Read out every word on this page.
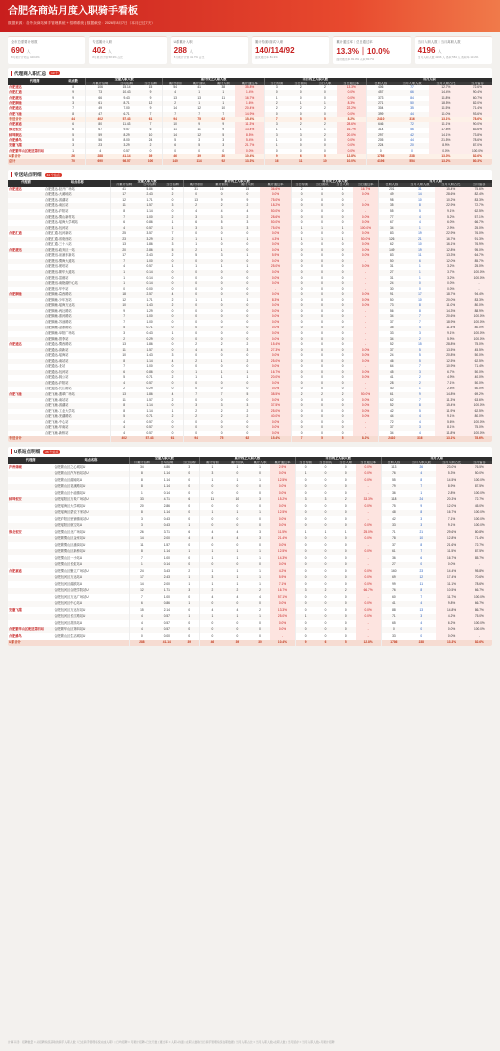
合肥各商站月度入职骑手看板
数据来源：各外卖商站骑手管理系统 + 招聘系统 | 数据截至：2026年8月7日（本月已过7天）
全市总需要计划数
690 人
8月累计计划占 100.0%
专送累计入职
402 人
8月累计计划 58.3% 占比
U系累计入职
288 人
8月累计计划 41.7% 占比
累计待面/面试/入职
140/114/92
面试通过率 81.3%
累计通过率｜总日通过率
13.3%｜10.0%
面试通过率 81.3% 入职 80.7%
当月入职人数｜当月离职人数
4196 人
当月入职人数 4196 人 离职 554 人 离职率 13.2%
代理商入职汇总	13 个
代理商	站点数	全量入职人数			累计线上入职人数				当日线上入职人数				当月入职			
		月累计招聘	日均招聘	当日招聘	累计待面	累计面试	累计入职	累计通过率	当日待面	当日面试	当日入职	当日通过率	在职人数	当月入职人数	当月入职占比	当月留存
合肥速达	8	106	15.14	15	54	41	38	35.8%	3	2	2	13.3%	406	77	12.7%	72.6%
合肥汇通	9	73	10.43	9	4	1	1	1.4%	0	0	0	0.0%	457	66	14.4%	90.4%
合肥捷迅	9	66	9.43	9	13	13	11	16.7%	1	0	0	0.0%	373	84	11.8%	60.7%
合肥顺驰	3	61	8.71	12	2	1	1	1.6%	2	1	1	8.3%	271	50	18.5%	82.0%
合肥通达	7	49	7.00	9	14	12	10	20.4%	2	2	2	22.2%	304	35	11.5%	71.4%
合肥飞驰	8	47	6.71	7	7	7	7	14.9%	0	0	0	0.0%	399	44	11.0%	93.6%
专送合计	44	402	57.43	61	94	75	62	15.4%	7	5	5	8.2%	2410	316	13.1%	78.6%
合肥嘉途	6	80	11.43	7	10	9	9	11.3%	3	2	2	28.6%	646	72	11.1%	90.0%
淮北恒安	6	67	9.57	6	11	11	9	13.4%	1	1	1	16.7%	314	56	17.8%	83.6%
蚌埠顺达	5	59	8.29	10	14	12	5	8.5%	3	3	2	20.0%	297	42	14.1%	73.8%
合肥蜂鸟	5	56	8.00	24	5	3	3	5.4%	1	0	0	0.0%	205	44	21.5%	78.6%
安徽飞越	3	23	3.29	2	6	5	3	21.7%	1	0	0	0.0%	224	20	8.9%	87.0%
合肥繁华山区配送第四站	1	4	0.57	0	0	0	0	0.0%	0	0	0	0.0%	0	0	0.0%	100.0%
U系合计	26	288	41.14	39	46	39	30	10.4%	9	6	5	12.8%	1786	238	13.3%	82.6%
总计	70	690	98.57	100	140	114	92	13.3%	16	11	10	10.0%	4196	554	13.2%	80.3%
专送站点明细	44 个站点
代理商	站点名称	全量入职人数			累计线上入职人数				当日线上入职人数				当月入职			
		月累计招聘	日均招聘	当日招聘	累计待面	累计面试	累计入职	累计通过率	当日待面	当日面试	当日入职	当日通过率	在职人数	当月入职人数	当月入职占比	当月留存
合肥速达	合肥建达-经开广场站	41	5.86	6	31	16	15	36.6%	2	1	1	16.7%	201	31	15.4%	75.6%
	合肥建达-大溪地站	17	2.43	2	0	0	0	0.0%	0	0	0	0.0%	49	14	28.6%	82.4%
	合肥建达-滨湖站	12	1.71	0	13	9	9	75.0%	0	0	0	-	98	10	10.2%	83.3%
	合肥建达-南区站	11	1.57	3	2	2	2	18.2%	0	0	0	0.0%	35	8	22.9%	72.7%
	合肥建达-庐阳站	8	1.14	0	4	4	4	50.0%	0	0	0	-	55	5	9.1%	62.5%
	合肥建达-蜀山新村站	7	1.00	2	3	3	2	28.6%	0	0	0	0.0%	77	4	5.2%	57.1%
	合肥建达-瑶海大学城站	6	0.86	1	6	5	3	50.0%	0	0	0	0.0%	67	4	6.0%	66.7%
	合肥建达-包河站	4	0.57	1	3	3	3	75.0%	1	1	1	100.0%	34	1	2.9%	25.0%
合肥汇通	合肥汇通-包河新站	25	3.57	7	0	0	0	0.0%	0	0	0	0.0%	83	19	22.9%	76.0%
	合肥汇通-省府西站	23	3.29	2	1	1	1	4.3%	1	1	1	50.0%	126	21	16.7%	91.3%
	合肥汇通-三十八站	13	1.86	3	1	0	0	0.0%	0	0	0	0.0%	62	10	16.1%	76.9%
合肥捷迅	合肥捷迅-政务区一站	20	2.86	5	2	1	0	0.0%	0	0	0	0.0%	149	19	12.8%	95.0%
	合肥捷迅-泉浦东新站	17	2.43	2	5	3	1	5.9%	0	0	0	0.0%	83	11	13.3%	64.7%
	合肥捷迅-蜀海大道站	7	1.00	0	0	0	0	0.0%	0	0	0	-	50	6	12.0%	85.7%
	合肥捷迅-琥珀站	4	0.57	1	1	1	1	25.0%	0	0	0	0.0%	31	1	3.2%	25.0%
	合肥捷迅-繁华大道站	1	0.14	0	0	0	0	0.0%	0	0	0	-	27	1	3.7%	100.0%
	合肥捷迅-富港站	1	0.14	0	0	0	0	0.0%	0	0	0	-	31	1	3.2%	100.0%
	合肥捷迅-南艳湖中心站	1	0.14	0	0	0	0	0.0%	0	0	0	-	24	0	0.0%	-
	合肥捷迅-华中站	0	0.00	0	0	0	0	-	0	0	0	-	30	0	0.0%	-
合肥顺驰	合肥顺驰-葛西路站	18	2.57	4	0	0	0	0.0%	0	0	0	0.0%	91	17	18.7%	94.4%
	合肥顺驰-少年宫站	12	1.71	2	1	1	1	8.3%	0	0	0	0.0%	50	10	20.0%	83.3%
	合肥顺驰-瑶海万达站	10	1.43	2	0	0	0	0.0%	0	0	0	0.0%	73	8	11.0%	80.0%
	合肥顺驰-两社路站	9	1.29	0	0	0	0	0.0%	0	0	0	-	56	8	14.3%	88.9%
	合肥顺驰-淮河路站	7	1.00	0	0	0	0	0.0%	0	0	0	-	34	7	20.6%	100.0%
	合肥顺驰-苏油路站	7	1.00	0	0	0	0	0.0%	0	0	0	-	37	7	18.9%	100.0%
	合肥顺驰-金寨路站	5	0.71	0	0	0	0	0.0%	0	0	0	-	35	4	11.4%	80.0%
	合肥顺驰-阜阳广场站	3	0.43	1	0	0	0	0.0%	0	0	0	-	33	3	9.1%	100.0%
	合肥顺驰-曾李站	2	0.29	0	0	0	0	0.0%	0	0	0	-	34	2	5.9%	100.0%
合肥通达	合肥通达-蜀西路站	13	1.86	0	2	2	2	15.4%	0	0	0	-	52	15	28.8%	75.0%
	合肥通达-高新站	11	1.57	0	4	4	3	27.3%	0	0	0	0.0%	37	5	13.5%	45.5%
	合肥通达-瑶海站	10	1.43	3	0	0	0	0.0%	0	0	0	0.0%	24	5	20.8%	50.0%
	合肥通达-南站站	8	1.14	4	2	1	2	25.0%	0	0	0	0.0%	46	5	12.5%	62.5%
	合肥通达-北站	7	1.00	0	0	0	0	0.0%	0	0	0	-	64	7	10.9%	71.4%
	合肥通达-包河站	6	0.86	0	1	1	1	16.7%	0	0	0	0.0%	45	3	6.7%	50.0%
	合肥通达-姚公站	5	0.71	2	1	1	1	20.0%	0	0	0	0.0%	41	2	4.9%	40.0%
	合肥通达-庐阳站	4	0.57	0	0	0	0	0.0%	0	0	0	-	28	2	7.1%	50.0%
	合肥通达-长江路站	2	0.29	0	0	0	0	0.0%	0	0	0	-	40	1	2.5%	50.0%
合肥飞驰	合肥飞驰-翡翠广场站	13	1.86	4	7	7	5	38.5%	2	2	2	50.0%	61	9	14.8%	69.2%
	合肥飞驰-南站站	11	1.57	2	0	0	0	0.0%	0	0	0	0.0%	62	7	11.3%	63.6%
	合肥飞驰-滨湖站	8	1.14	0	3	3	3	37.5%	0	0	0	0.0%	52	8	15.4%	100.0%
	合肥飞驰-工业大学站	8	1.14	1	2	2	2	25.0%	0	0	0	0.0%	42	5	11.9%	62.5%
	合肥飞驰-芜湖路站	5	0.71	2	2	2	2	40.0%	0	0	0	0.0%	44	4	9.1%	80.0%
	合肥飞驰-中心站	4	0.57	0	0	0	0	0.0%	0	0	0	-	72	4	5.6%	100.0%
	合肥飞驰-华南站	4	0.57	0	0	0	0	0.0%	0	0	0	-	37	3	8.1%	75.0%
	合肥飞驰-新桥站	4	0.57	0	0	0	0	0.0%	0	0	0	-	34	4	11.8%	100.0%
专送合计		402	57.43	61	94	75	62	15.4%	7	5	5	8.2%	2410	316	13.1%	78.6%
U系站点明细	26 个站点
代理商	站点名称	全量入职人数			累计线上入职人数				当日线上入职人数				当月入职			
		月累计招聘	日均招聘	当日招聘	累计待面	累计面试	累计入职	累计通过率	当日待面	当日面试	当日入职	当日通过率	在职人数	当月入职人数	当月入职占比	当月留存
庐州储城	合肥繁山区之心城站U	34	4.86	3	1	1	1	2.9%	0	0	0	0.0%	113	26	23.0%	76.5%
	合肥繁山区汽车西站站U	8	1.14	0	3	0	0	0.0%	1	0	0	0.0%	76	4	5.3%	50.0%
	合肥繁山区湖南站U	8	1.14	0	1	1	1	12.5%	0	0	0	0.0%	55	8	14.5%	100.0%
	合肥繁山区花溪路站U	8	1.14	0	0	0	0	0.0%	0	0	0	-	79	7	8.9%	87.5%
	合肥繁山区小庙镇站U	1	0.14	0	0	0	0	0.0%	0	0	0	-	36	1	2.8%	100.0%
蚌埠恒安	合肥瑶阳区万象广场站U	33	4.71	6	11	10	3	15.2%	3	3	2	33.3%	118	24	20.3%	72.7%
	合肥瑶海区大学城站U	20	2.86	0	0	0	0	0.0%	0	0	0	0.0%	75	9	12.0%	45.0%
	合肥瑶海区蒙农下家站U	8	1.14	0	1	1	1	12.5%	0	0	0	-	48	8	16.7%	100.0%
	合肥庐阳区里铺镇前站U	3	0.43	0	0	0	0	0.0%	0	0	0	-	42	3	7.1%	100.0%
	合肥瑶阳区航空站U	3	0.43	1	0	0	0	0.0%	0	0	0	0.0%	33	3	9.1%	100.0%
淮北恒安	合肥蜀山区北广场站U	26	3.71	6	4	4	3	11.5%	1	1	1	25.0%	71	21	29.6%	80.8%
	合肥繁蜀山区金家站U	14	2.00	4	4	4	3	21.4%	0	0	0	0.0%	78	10	12.8%	71.4%
	合肥繁蜀山区潘岗站U	11	1.57	0	0	0	0	0.0%	0	0	0	-	37	8	21.6%	72.7%
	合肥繁蜀山区新桥站U	8	1.14	1	1	1	1	12.5%	0	0	0	0.0%	61	7	11.5%	87.5%
	合肥蜀山区一小站U	7	1.00	0	1	1	1	14.3%	0	0	0	-	36	6	16.7%	85.7%
	合肥蜀山区长虹站U	1	0.14	0	0	0	0	0.0%	0	0	0	-	27	0	0.0%	-
合肥嘉途	合肥蜀山区聚立广场站U	24	3.43	2	1	1	1	4.2%	0	0	0	0.0%	160	23	14.4%	95.8%
	合肥包河区万达站U	17	2.43	1	3	1	1	5.9%	0	0	0	0.0%	69	12	17.4%	70.6%
	合肥包河区湖滨站U	14	2.00	1	1	1	1	7.1%	0	0	0	0.0%	99	11	11.1%	78.6%
	合肥包河区合肥学院站U	12	1.71	3	2	2	2	16.7%	3	2	2	66.7%	76	8	10.5%	66.7%
	合肥包河区万达广场站U	7	1.00	0	4	4	4	57.1%	0	0	0	-	60	7	11.7%	100.0%
	合肥包河区中心站U	6	0.86	1	0	0	0	0.0%	0	0	0	0.0%	41	4	9.8%	66.7%
安徽飞越	合肥包河区万达东站U	15	2.14	0	4	4	2	13.3%	0	0	0	0.0%	88	13	14.8%	86.7%
	合肥包河区长江路站U	4	0.57	1	1	1	1	25.0%	1	0	0	0.0%	71	3	4.2%	75.0%
	合肥包河区胡乐站U	4	0.57	0	0	0	0	0.0%	0	0	0	-	65	4	6.2%	100.0%
合肥繁华山区配送第四站	合肥繁华山区第四站U	4	0.57	0	0	0	0	0.0%	0	0	0	-	0	0	0.0%	100.0%
合肥蜂鸟	合肥繁山区生活城站U	0	0.00	0	0	0	0	-	0	0	0	-	33	0	0.0%	-
U系合计		288	41.14	39	46	39	30	10.4%	9	6	5	12.8%	1786	238	13.3%	82.6%
计算口径：招聘数量 = 从招聘系统获取的骑手入职人数（已在骑手管理系统完成入职）| 日均招聘 = 月累计招聘÷已过天数 | 通过率 = 入职÷待面 | 在职人数取当日骑手管理系统在职数据 | 当月入职占比 = 当月入职人数÷在职人数 | 当月留存 = 当月入职人数÷月累计招聘
